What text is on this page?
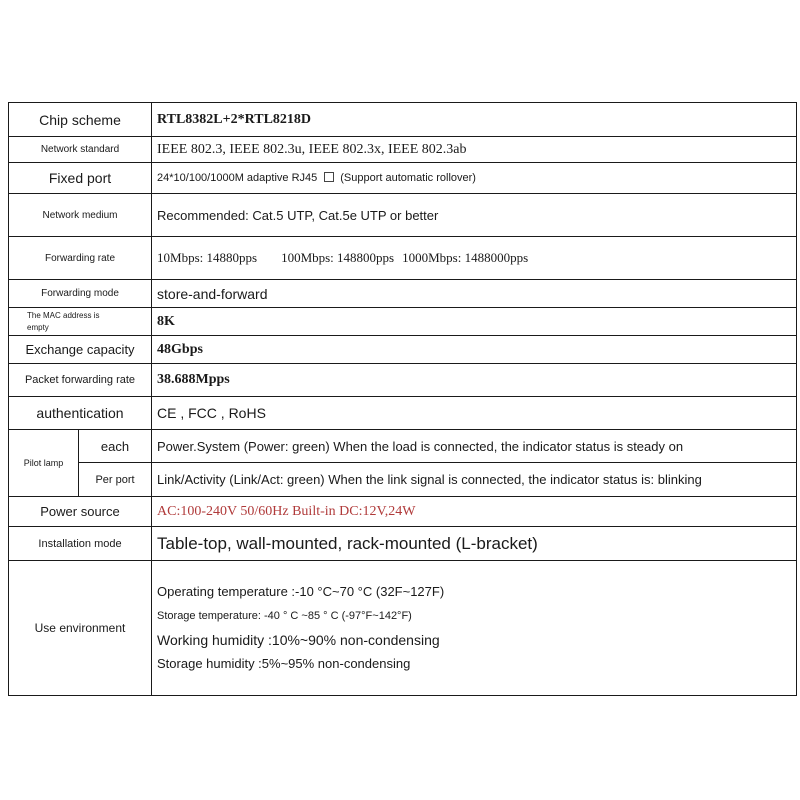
Chip scheme		RTL8382L+2*RTL8218D
Network standard		IEEE 802.3, IEEE 802.3u, IEEE 802.3x, IEEE 802.3ab
Fixed port		24*10/100/1000M adaptive RJ45 (Support automatic rollover)
Network medium		Recommended: Cat.5 UTP, Cat.5e UTP or better
Forwarding rate		10Mbps: 14880pps 100Mbps: 148800pps 1000Mbps: 1488000pps
Forwarding mode		store-and-forward

The MAC address is empty		8K
Exchange capacity		48Gbps
Packet forwarding rate		38.688Mpps
authentication		CE , FCC , RoHS
Pilot lamp	each	Power.System (Power: green) When the load is connected, the indicator status is steady on
	Per port	Link/Activity (Link/Act: green) When the link signal is connected, the indicator status is: blinking
Power source		AC:100-240V 50/60Hz Built-in DC:12V,24W
Installation mode		Table-top, wall-mounted, rack-mounted (L-bracket)
Use environment		Operating temperature :-10 °C~70 °C (32F~127F)
Storage temperature: -40 ° C ~85 ° C (-97°F~142°F)
Working humidity :10%~90% non-condensing
Storage humidity :5%~95% non-condensing
